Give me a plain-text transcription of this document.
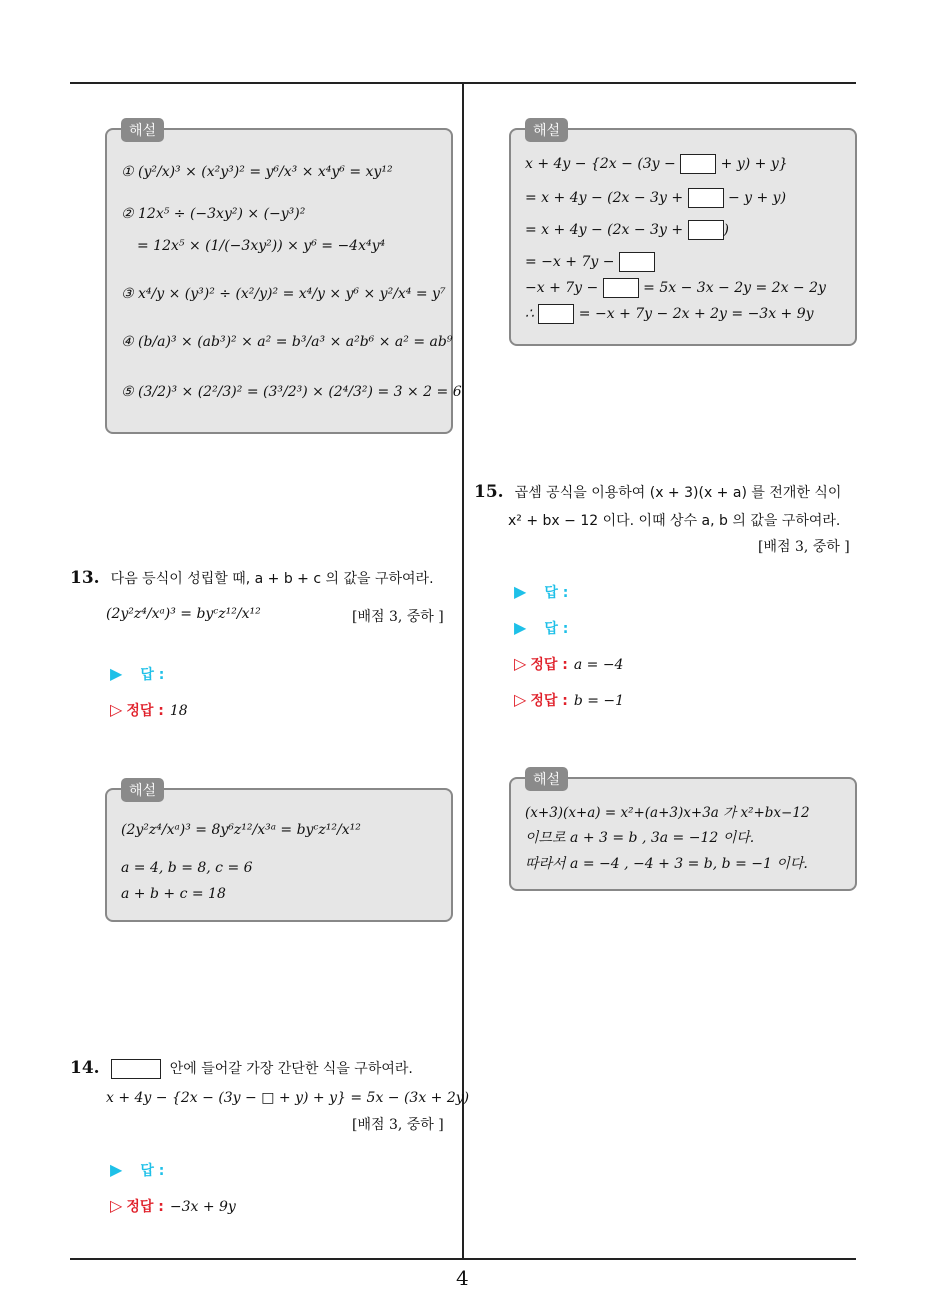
4
해설
① (y²/x)³ × (x²y³)² = y⁶/x³ × x⁴y⁶ = xy¹²
② 12x⁵ ÷ (−3xy²) × (−y³)²
= 12x⁵ × (1/(−3xy²)) × y⁶ = −4x⁴y⁴
③ x⁴/y × (y³)² ÷ (x²/y)² = x⁴/y × y⁶ × y²/x⁴ = y⁷
④ (b/a)³ × (ab³)² × a² = b³/a³ × a²b⁶ × a² = ab⁹
⑤ (3/2)³ × (2²/3)² = (3³/2³) × (2⁴/3²) = 3 × 2 = 6
13. 다음 등식이 성립할 때, a + b + c 의 값을 구하여라.
(2y²z⁴/xᵃ)³ = byᶜz¹²/x¹²	[배점 3, 중하 ]
▶ 답 :
▷ 정답 : 18
해설
(2y²z⁴/xᵃ)³ = 8y⁶z¹²/x³ᵃ = byᶜz¹²/x¹²
a = 4, b = 8, c = 6
a + b + c = 18
14.	안에 들어갈 가장 간단한 식을 구하여라.
x + 4y − {2x − (3y − □ + y) + y} = 5x − (3x + 2y)
[배점 3, 중하 ]
▶ 답 :
▷ 정답 : −3x + 9y
해설
x + 4y − {2x − (3y −	+ y) + y}
= x + 4y − (2x − 3y +	− y + y)
= x + 4y − (2x − 3y +	)
= −x + 7y −
−x + 7y −	= 5x − 3x − 2y = 2x − 2y
∴	= −x + 7y − 2x + 2y = −3x + 9y
15. 곱셈 공식을 이용하여 (x + 3)(x + a) 를 전개한 식이
x² + bx − 12 이다. 이때 상수 a, b 의 값을 구하여라.
[배점 3, 중하 ]
▶ 답 :
▶ 답 :
▷ 정답 : a = −4
▷ 정답 : b = −1
해설
(x+3)(x+a) = x²+(a+3)x+3a 가 x²+bx−12
이므로 a + 3 = b , 3a = −12 이다.
따라서 a = −4 , −4 + 3 = b, b = −1 이다.
